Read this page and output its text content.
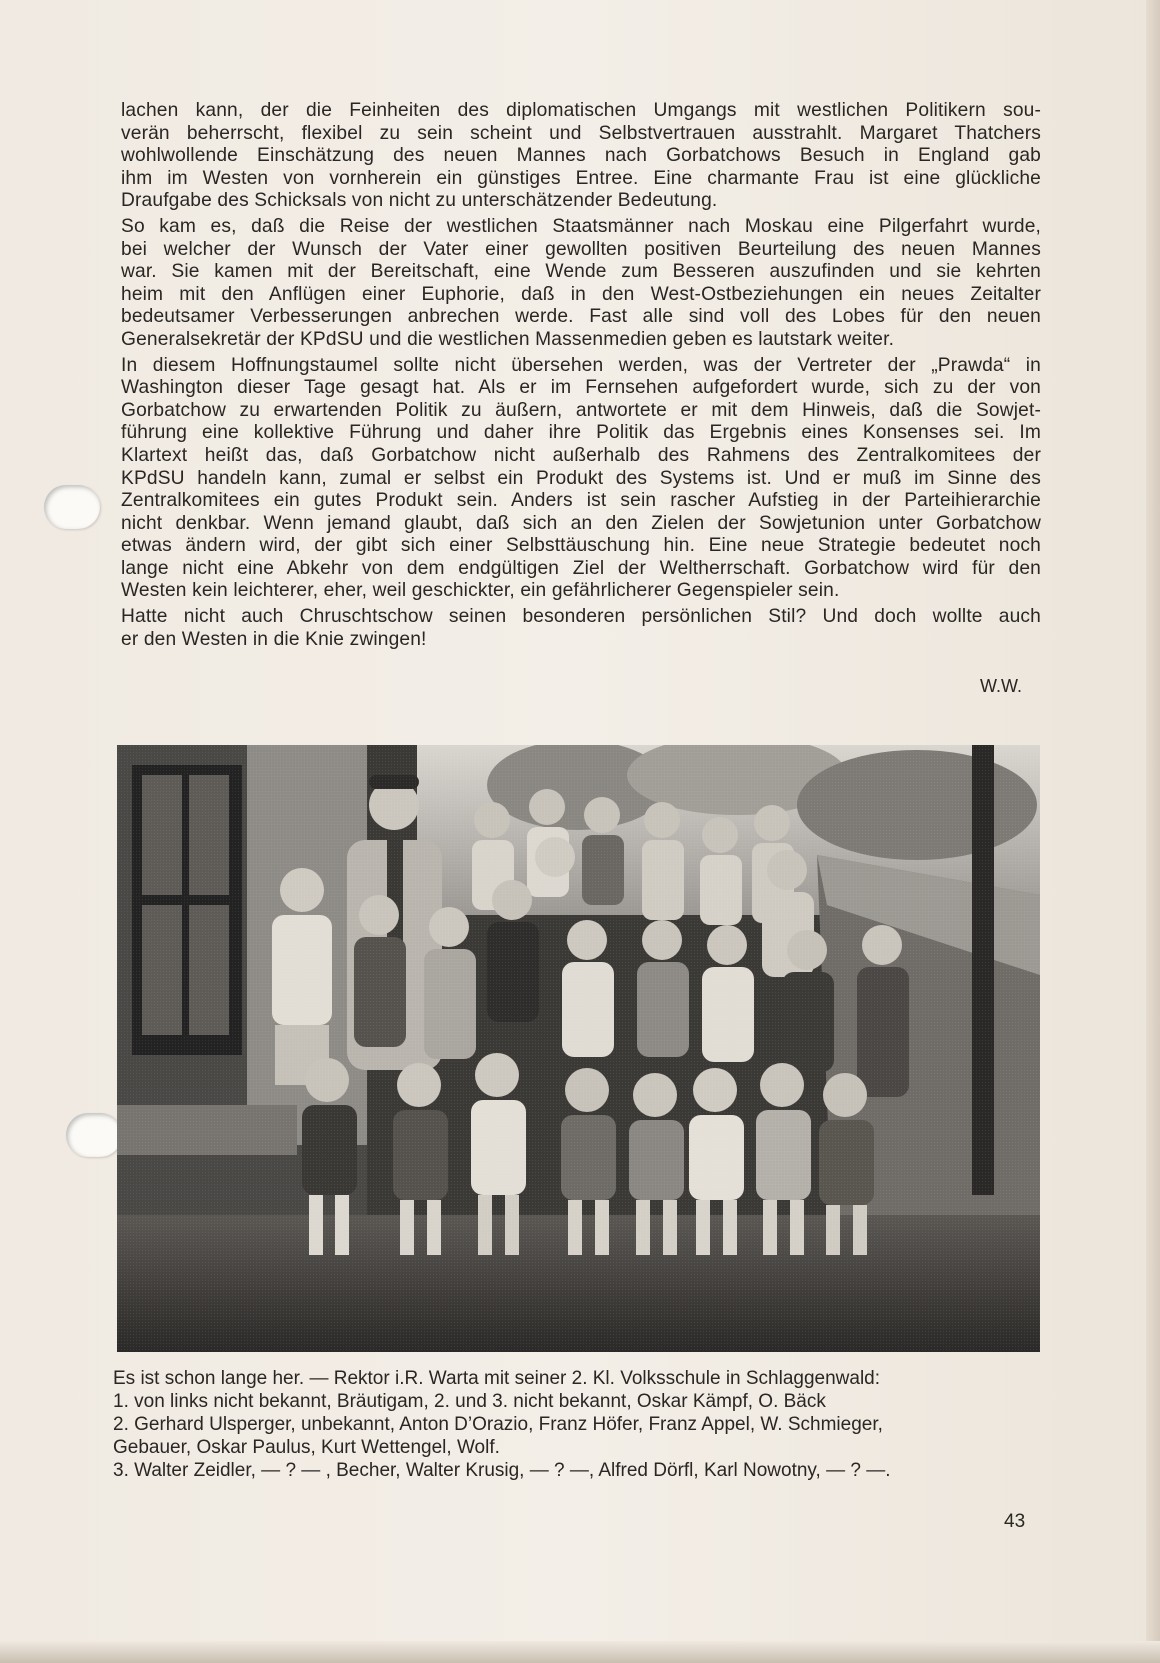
lachen kann, der die Feinheiten des diplomatischen Umgangs mit westlichen Politikern sou-
verän beherrscht, flexibel zu sein scheint und Selbstvertrauen ausstrahlt. Margaret Thatchers
wohlwollende Einschätzung des neuen Mannes nach Gorbatchows Besuch in England gab
ihm im Westen von vornherein ein günstiges Entree. Eine charmante Frau ist eine glückliche
Draufgabe des Schicksals von nicht zu unterschätzender Bedeutung.

So kam es, daß die Reise der westlichen Staatsmänner nach Moskau eine Pilgerfahrt wurde,
bei welcher der Wunsch der Vater einer gewollten positiven Beurteilung des neuen Mannes
war. Sie kamen mit der Bereitschaft, eine Wende zum Besseren auszufinden und sie kehrten
heim mit den Anflügen einer Euphorie, daß in den West-Ostbeziehungen ein neues Zeitalter
bedeutsamer Verbesserungen anbrechen werde. Fast alle sind voll des Lobes für den neuen
Generalsekretär der KPdSU und die westlichen Massenmedien geben es lautstark weiter.

In diesem Hoffnungstaumel sollte nicht übersehen werden, was der Vertreter der „Prawda“ in
Washington dieser Tage gesagt hat. Als er im Fernsehen aufgefordert wurde, sich zu der von
Gorbatchow zu erwartenden Politik zu äußern, antwortete er mit dem Hinweis, daß die Sowjet-
führung eine kollektive Führung und daher ihre Politik das Ergebnis eines Konsenses sei. Im
Klartext heißt das, daß Gorbatchow nicht außerhalb des Rahmens des Zentralkomitees der
KPdSU handeln kann, zumal er selbst ein Produkt des Systems ist. Und er muß im Sinne des
Zentralkomitees ein gutes Produkt sein. Anders ist sein rascher Aufstieg in der Parteihierarchie
nicht denkbar. Wenn jemand glaubt, daß sich an den Zielen der Sowjetunion unter Gorbatchow
etwas ändern wird, der gibt sich einer Selbsttäuschung hin. Eine neue Strategie bedeutet noch
lange nicht eine Abkehr von dem endgültigen Ziel der Weltherrschaft. Gorbatchow wird für den
Westen kein leichterer, eher, weil geschickter, ein gefährlicherer Gegenspieler sein.

Hatte nicht auch Chruschtschow seinen besonderen persönlichen Stil? Und doch wollte auch
er den Westen in die Knie zwingen!

W.W.
Es ist schon lange her. — Rektor i.R. Warta mit seiner 2. Kl. Volksschule in Schlaggenwald:
1. von links nicht bekannt, Bräutigam, 2. und 3. nicht bekannt, Oskar Kämpf, O. Bäck
2. Gerhard Ulsperger, unbekannt, Anton D’Orazio, Franz Höfer, Franz Appel, W. Schmieger,
Gebauer, Oskar Paulus, Kurt Wettengel, Wolf.
3. Walter Zeidler, — ? — , Becher, Walter Krusig, — ? —, Alfred Dörfl, Karl Nowotny, — ? —.
43
